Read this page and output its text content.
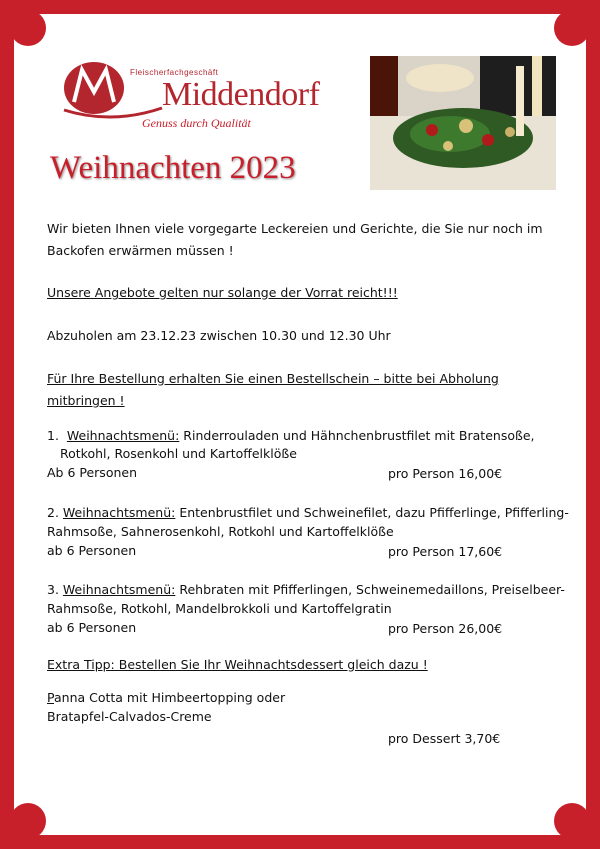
Fleischerfachgeschäft
Middendorf
Genuss durch Qualität
Weihnachten 2023
Wir bieten Ihnen viele vorgegarte Leckereien und Gerichte, die Sie nur noch im
Backofen erwärmen müssen !
Unsere Angebote gelten nur solange der Vorrat reicht!!!
Abzuholen am 23.12.23 zwischen 10.30 und 12.30 Uhr
Für Ihre Bestellung erhalten Sie einen Bestellschein – bitte bei Abholung
mitbringen !
1. Weihnachtsmenü: Rinderrouladen und Hähnchenbrustfilet mit Bratensoße,
Rotkohl, Rosenkohl und Kartoffelklöße
Ab 6 Personen	pro Person 16,00€
2. Weihnachtsmenü: Entenbrustfilet und Schweinefilet, dazu Pfifferlinge, Pfifferling-
Rahmsoße, Sahnerosenkohl, Rotkohl und Kartoffelklöße
ab 6 Personen	pro Person 17,60€
3. Weihnachtsmenü: Rehbraten mit Pfifferlingen, Schweinemedaillons, Preiselbeer-
Rahmsoße, Rotkohl, Mandelbrokkoli und Kartoffelgratin
ab 6 Personen	pro Person 26,00€
Extra Tipp: Bestellen Sie Ihr Weihnachtsdessert gleich dazu !
Panna Cotta mit Himbeertopping oder
Bratapfel-Calvados-Creme
pro Dessert 3,70€
